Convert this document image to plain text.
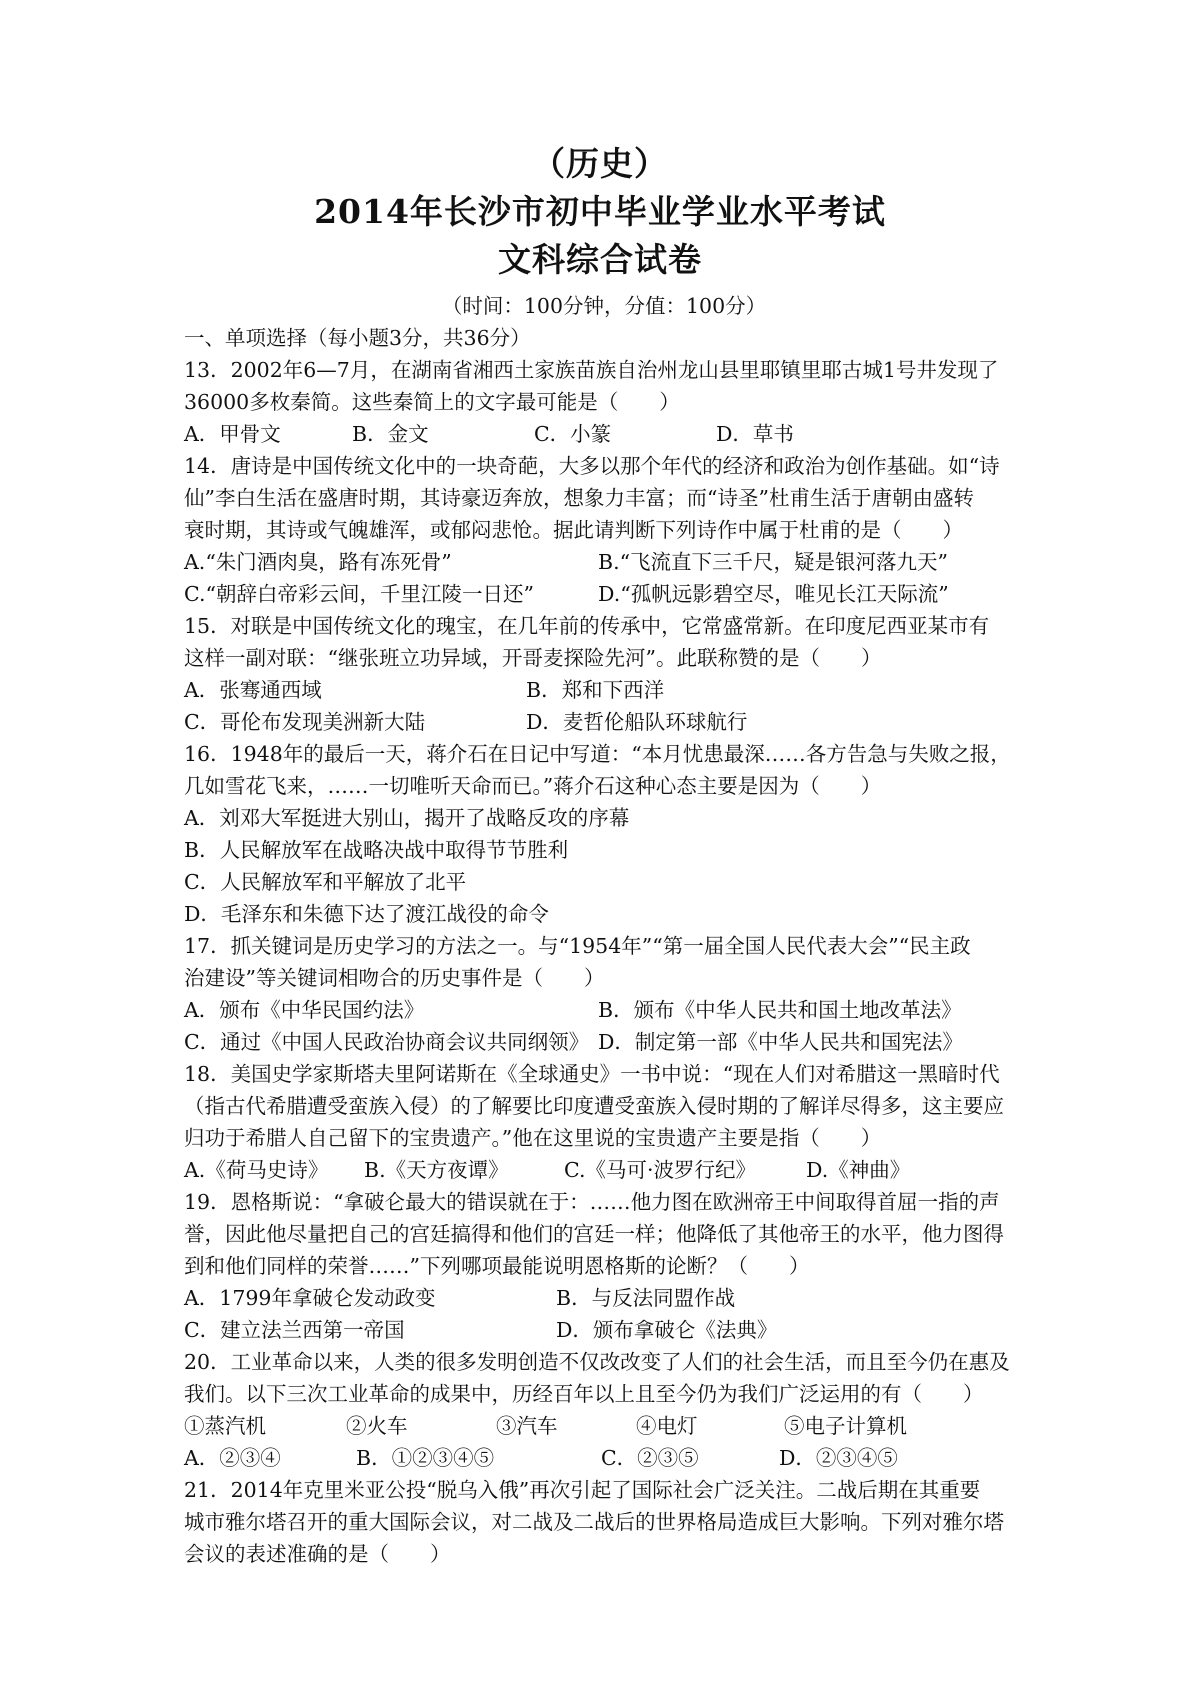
（历史）
2014年长沙市初中毕业学业水平考试
文科综合试卷
（时间：100分钟，分值：100分）
一、单项选择（每小题3分，共36分）
13．2002年6—7月，在湖南省湘西土家族苗族自治州龙山县里耶镇里耶古城1号井发现了
36000多枚秦简。这些秦简上的文字最可能是（　　）
A．甲骨文	B．金文	C．小篆	D．草书
14．唐诗是中国传统文化中的一块奇葩，大多以那个年代的经济和政治为创作基础。如“诗
仙”李白生活在盛唐时期，其诗豪迈奔放，想象力丰富；而“诗圣”杜甫生活于唐朝由盛转
衰时期，其诗或气魄雄浑，或郁闷悲怆。据此请判断下列诗作中属于杜甫的是（　　）
A.“朱门酒肉臭，路有冻死骨”	B.“飞流直下三千尺，疑是银河落九天”
C.“朝辞白帝彩云间，千里江陵一日还”	D.“孤帆远影碧空尽，唯见长江天际流”
15．对联是中国传统文化的瑰宝，在几年前的传承中，它常盛常新。在印度尼西亚某市有
这样一副对联：“继张班立功异域，开哥麦探险先河”。此联称赞的是（　　）
A．张骞通西域	B．郑和下西洋
C．哥伦布发现美洲新大陆	D．麦哲伦船队环球航行
16．1948年的最后一天，蒋介石在日记中写道：“本月忧患最深……各方告急与失败之报，
几如雪花飞来，……一切唯听天命而已。”蒋介石这种心态主要是因为（　　）
A．刘邓大军挺进大别山，揭开了战略反攻的序幕
B．人民解放军在战略决战中取得节节胜利
C．人民解放军和平解放了北平
D．毛泽东和朱德下达了渡江战役的命令
17．抓关键词是历史学习的方法之一。与“1954年”“第一届全国人民代表大会”“民主政
治建设”等关键词相吻合的历史事件是（　　）
A．颁布《中华民国约法》	B．颁布《中华人民共和国土地改革法》
C．通过《中国人民政治协商会议共同纲领》 D．制定第一部《中华人民共和国宪法》
18．美国史学家斯塔夫里阿诺斯在《全球通史》一书中说：“现在人们对希腊这一黑暗时代
（指古代希腊遭受蛮族入侵）的了解要比印度遭受蛮族入侵时期的了解详尽得多，这主要应
归功于希腊人自己留下的宝贵遗产。”他在这里说的宝贵遗产主要是指（　　）
A.《荷马史诗》	B.《天方夜谭》	C.《马可·波罗行纪》	D.《神曲》
19．恩格斯说：“拿破仑最大的错误就在于：……他力图在欧洲帝王中间取得首屈一指的声
誉，因此他尽量把自己的宫廷搞得和他们的宫廷一样；他降低了其他帝王的水平，他力图得
到和他们同样的荣誉……”下列哪项最能说明恩格斯的论断？（　　）
A．1799年拿破仑发动政变	B．与反法同盟作战
C．建立法兰西第一帝国	D．颁布拿破仑《法典》
20．工业革命以来，人类的很多发明创造不仅改改变了人们的社会生活，而且至今仍在惠及
我们。以下三次工业革命的成果中，历经百年以上且至今仍为我们广泛运用的有（　　）
①蒸汽机	②火车	③汽车	④电灯	⑤电子计算机
A．②③④	B．①②③④⑤	C．②③⑤	D．②③④⑤
21．2014年克里米亚公投“脱乌入俄”再次引起了国际社会广泛关注。二战后期在其重要
城市雅尔塔召开的重大国际会议，对二战及二战后的世界格局造成巨大影响。下列对雅尔塔
会议的表述准确的是（　　）
